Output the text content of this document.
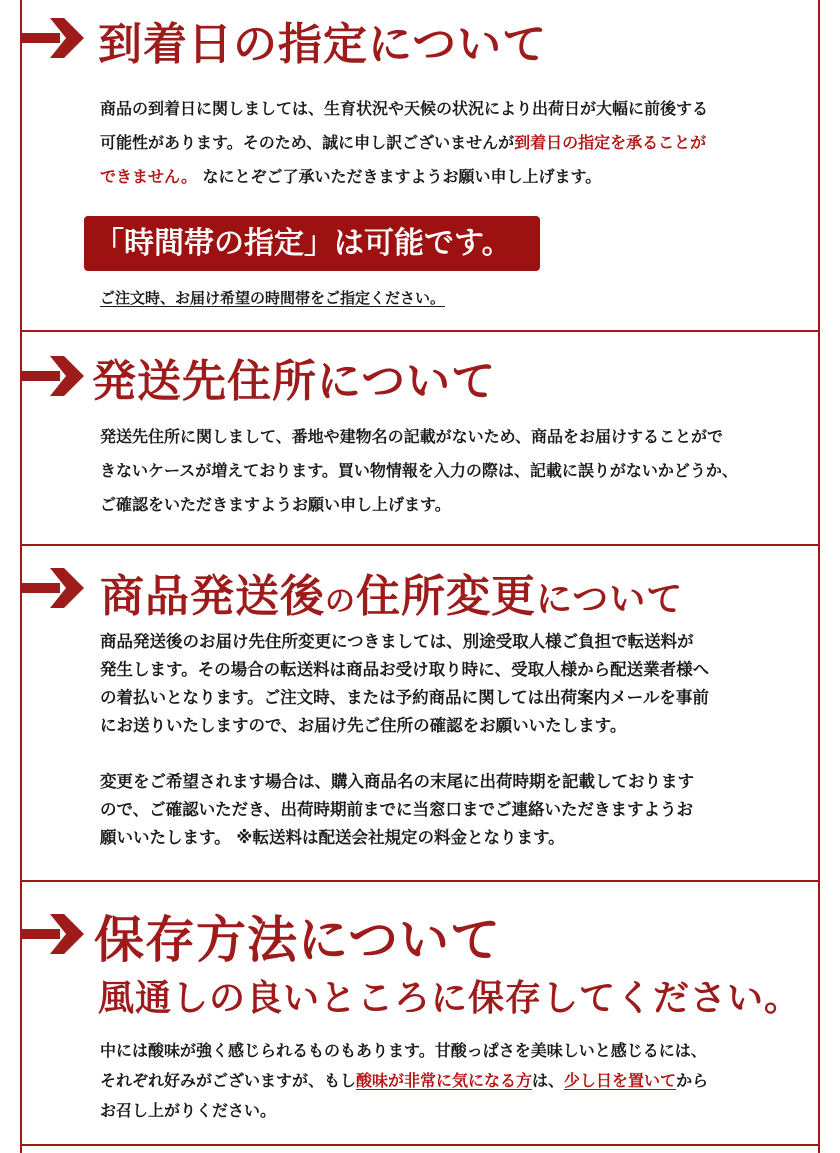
到着日の指定について
商品の到着日に関しましては、生育状況や天候の状況により出荷日が大幅に前後する
可能性があります。そのため、誠に申し訳ございませんが到着日の指定を承ることが
できません。 なにとぞご了承いただきますようお願い申し上げます。
「時間帯の指定」は可能です。
ご注文時、お届け希望の時間帯をご指定ください。
発送先住所について
発送先住所に関しまして、番地や建物名の記載がないため、商品をお届けすることがで
きないケースが増えております。買い物情報を入力の際は、記載に誤りがないかどうか、
ご確認をいただきますようお願い申し上げます。
商品発送後の住所変更について
商品発送後のお届け先住所変更につきましては、別途受取人様ご負担で転送料が
発生します。その場合の転送料は商品お受け取り時に、受取人様から配送業者様へ
の着払いとなります。ご注文時、または予約商品に関しては出荷案内メールを事前
にお送りいたしますので、お届け先ご住所の確認をお願いいたします。
変更をご希望されます場合は、購入商品名の末尾に出荷時期を記載しております
ので、ご確認いただき、出荷時期前までに当窓口までご連絡いただきますようお
願いいたします。 ※転送料は配送会社規定の料金となります。
保存方法について
風通しの良いところに保存してください。
中には酸味が強く感じられるものもあります。甘酸っぱさを美味しいと感じるには、
それぞれ好みがございますが、もし酸味が非常に気になる方は、少し日を置いてから
お召し上がりください。
